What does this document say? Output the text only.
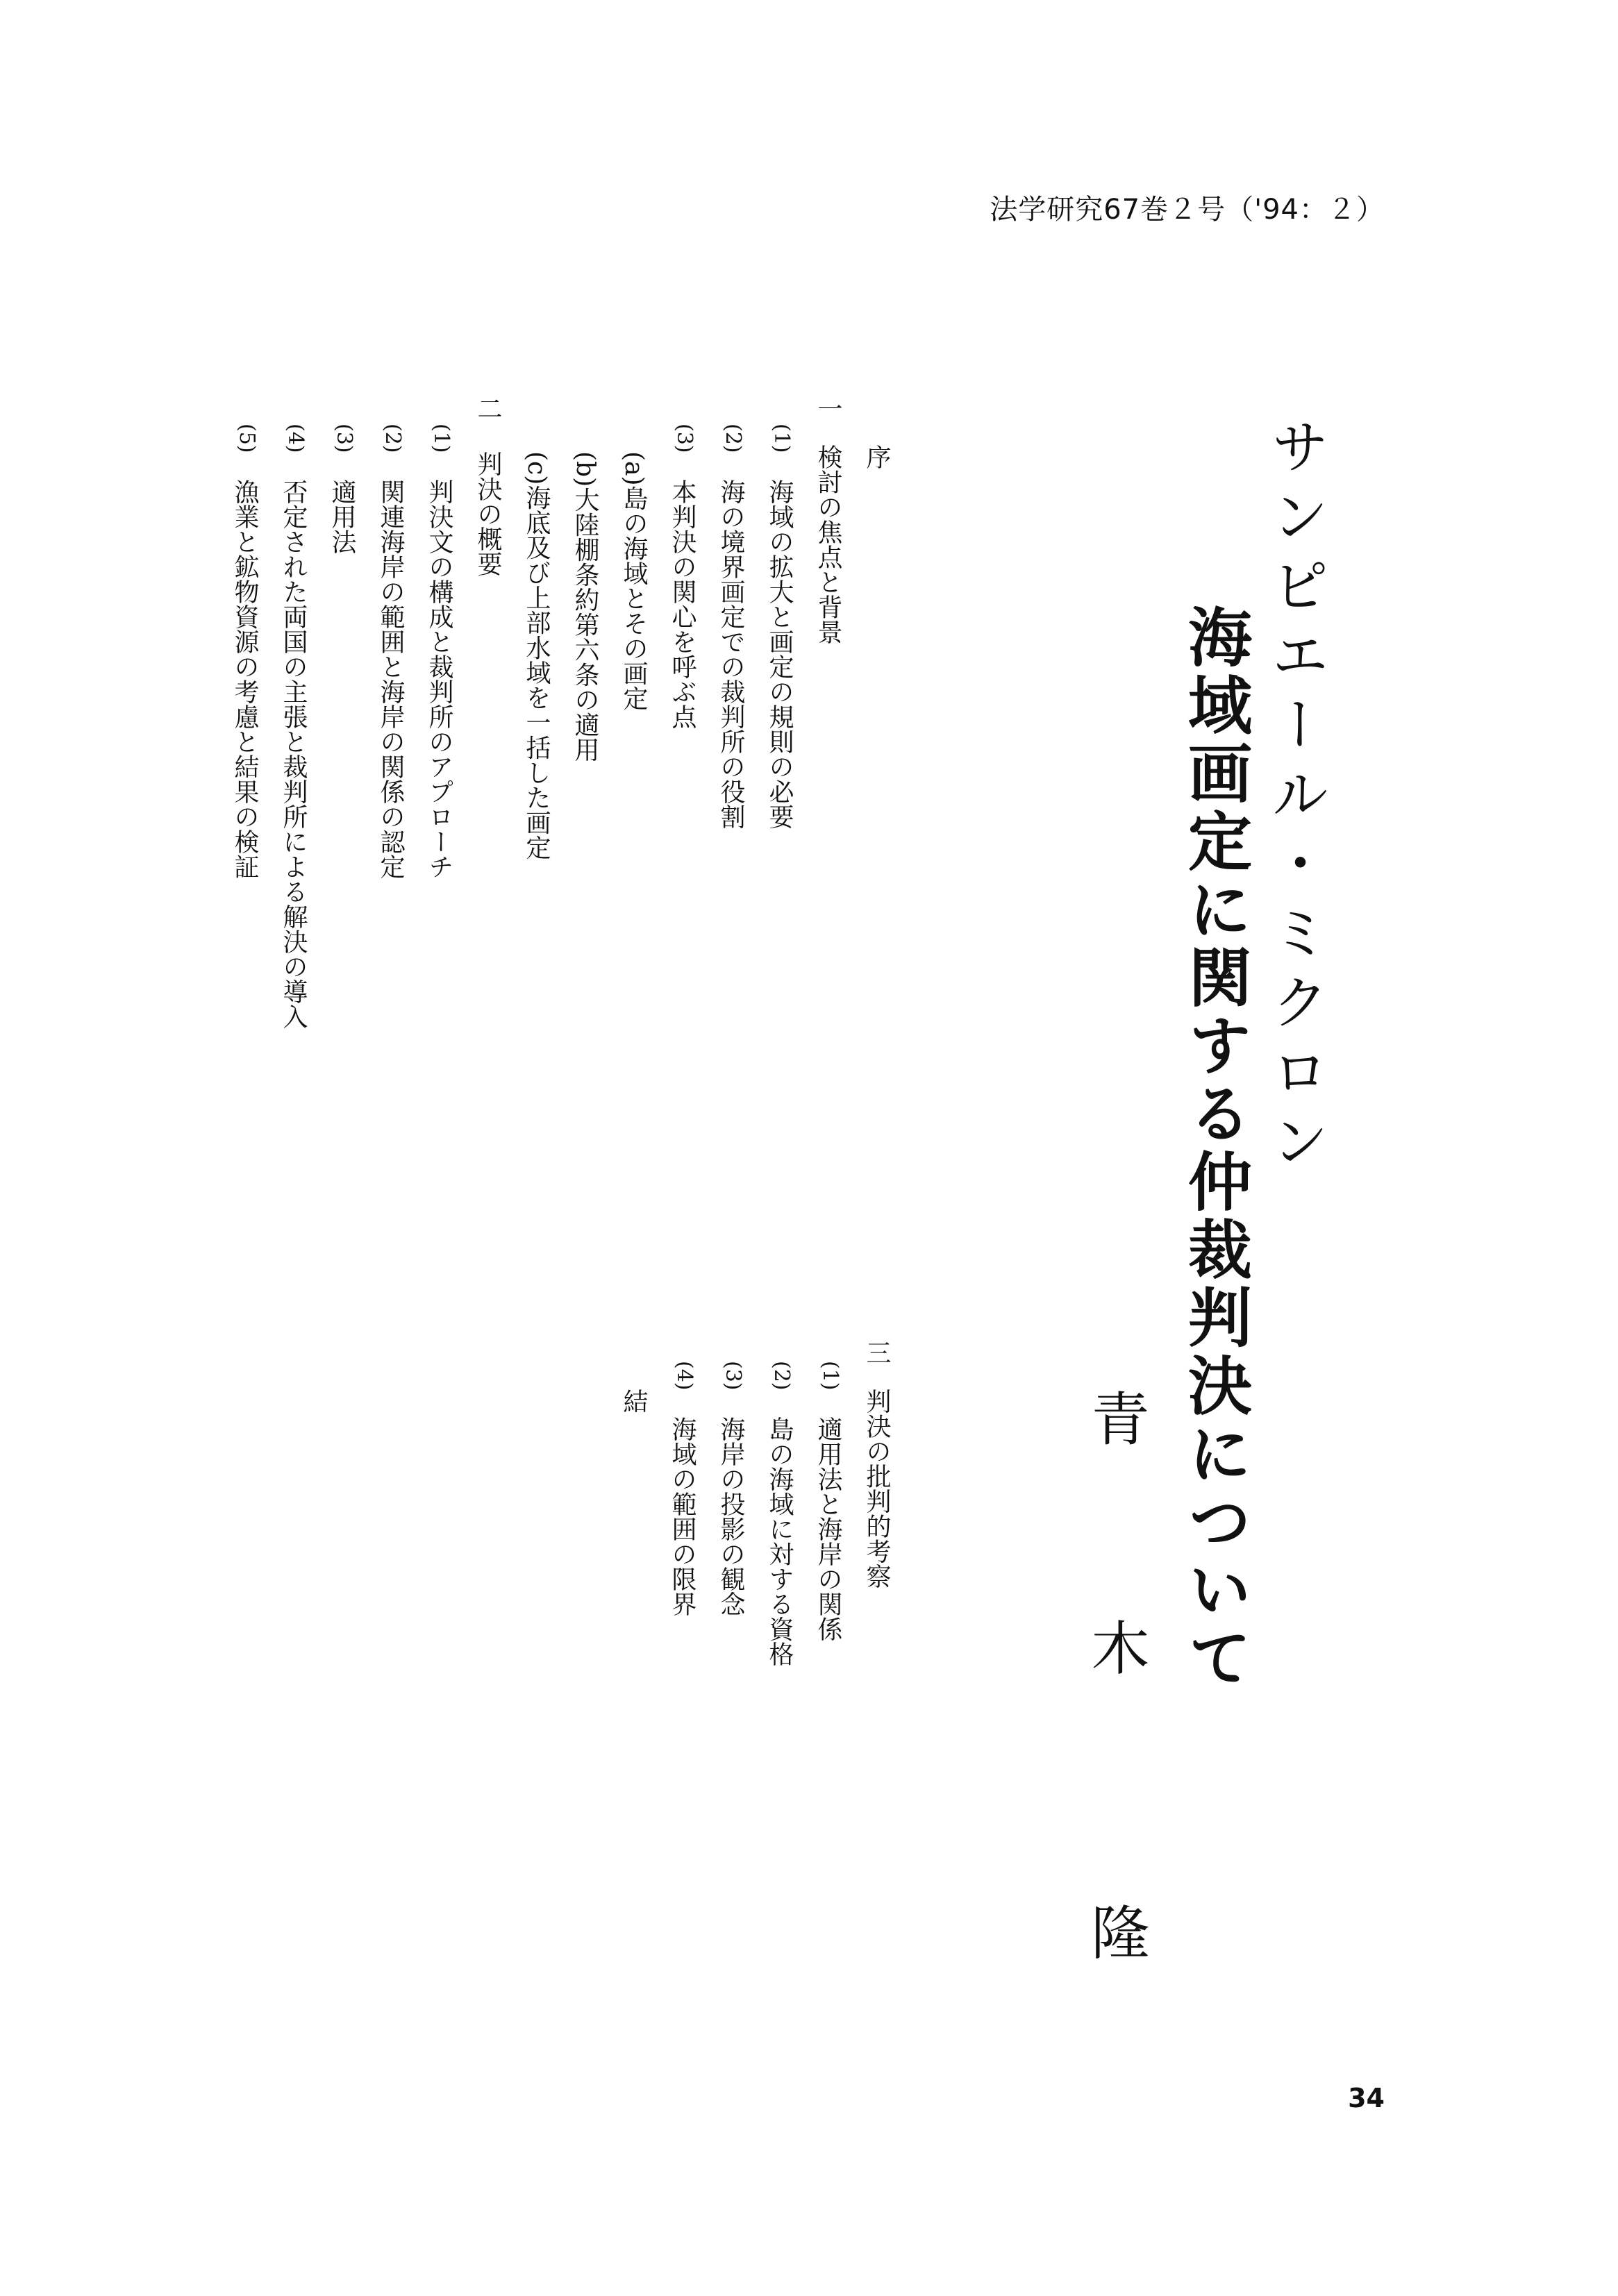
法学研究67巻２号（'94：２）
サンピエール・ミクロン
海域画定に関する仲裁判決について
青
木
隆
序
一
検討の焦点と背景
(1)
海域の拡大と画定の規則の必要
(2)
海の境界画定での裁判所の役割
(3)
本判決の関心を呼ぶ点
(a)島の海域とその画定
(b)大陸棚条約第六条の適用
(c)海底及び上部水域を一括した画定
二
判決の概要
(1)
判決文の構成と裁判所のアプローチ
(2)
関連海岸の範囲と海岸の関係の認定
(3)
適用法
(4)
否定された両国の主張と裁判所による解決の導入
(5)
漁業と鉱物資源の考慮と結果の検証
三
判決の批判的考察
(1)
適用法と海岸の関係
(2)
島の海域に対する資格
(3)
海岸の投影の観念
(4)
海域の範囲の限界
結
34
